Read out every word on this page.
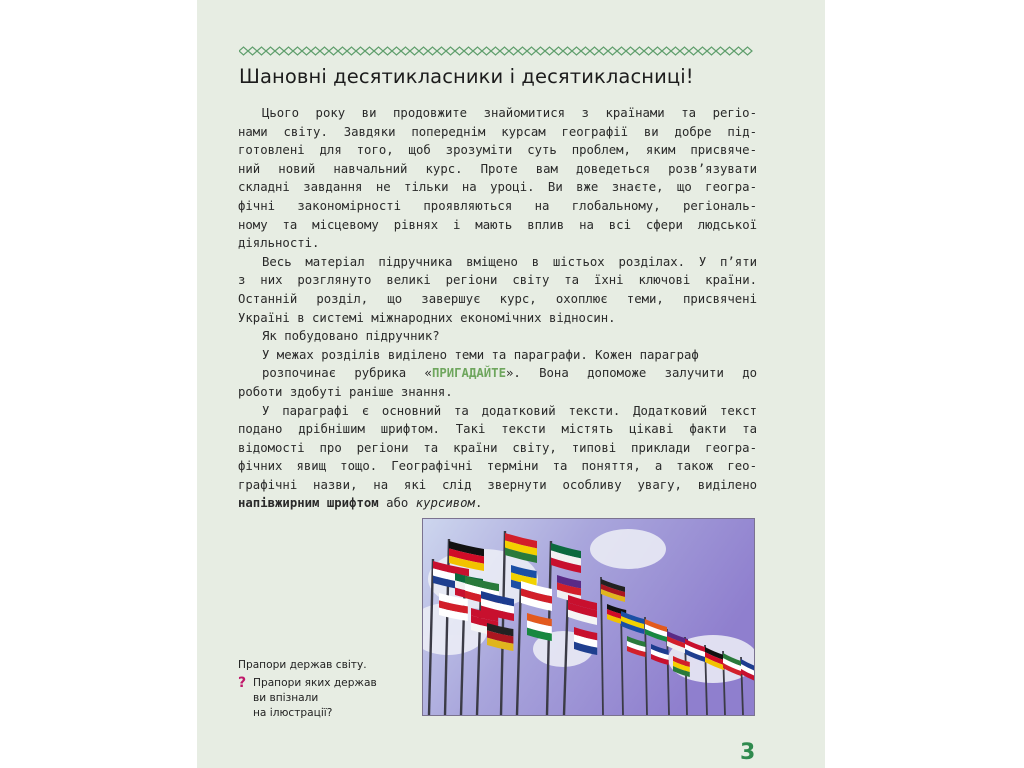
Шановні десятикласники і десятикласниці!

Цього року ви продовжите знайомитися з країнами та регіо-
нами світу. Завдяки попереднім курсам географії ви добре під-
готовлені для того, щоб зрозуміти суть проблем, яким присвяче-
ний новий навчальний курс. Проте вам доведеться розв’язувати
складні завдання не тільки на уроці. Ви вже знаєте, що геогра-
фічні закономірності проявляються на глобальному, регіональ-
ному та місцевому рівнях і мають вплив на всі сфери людської
діяльності.

Весь матеріал підручника вміщено в шістьох розділах. У п’яти
з них розглянуто великі регіони світу та їхні ключові країни.
Останній розділ, що завершує курс, охоплює теми, присвячені
Україні в системі міжнародних економічних відносин.

Як побудовано підручник?

У межах розділів виділено теми та параграфи. Кожен параграф

розпочинає рубрика «ПРИГАДАЙТЕ». Вона допоможе залучити до
роботи здобуті раніше знання.

У параграфі є основний та додатковий тексти. Додатковий текст
подано дрібнішим шрифтом. Такі тексти містять цікаві факти та
відомості про регіони та країни світу, типові приклади геогра-
фічних явищ тощо. Географічні терміни та поняття, а також гео-
графічні назви, на які слід звернути особливу увагу, виділено
напівжирним шрифтом або курсивом.

Прапори держав світу.
? Прапори яких держав
ви впізнали
на ілюстрації?
3
